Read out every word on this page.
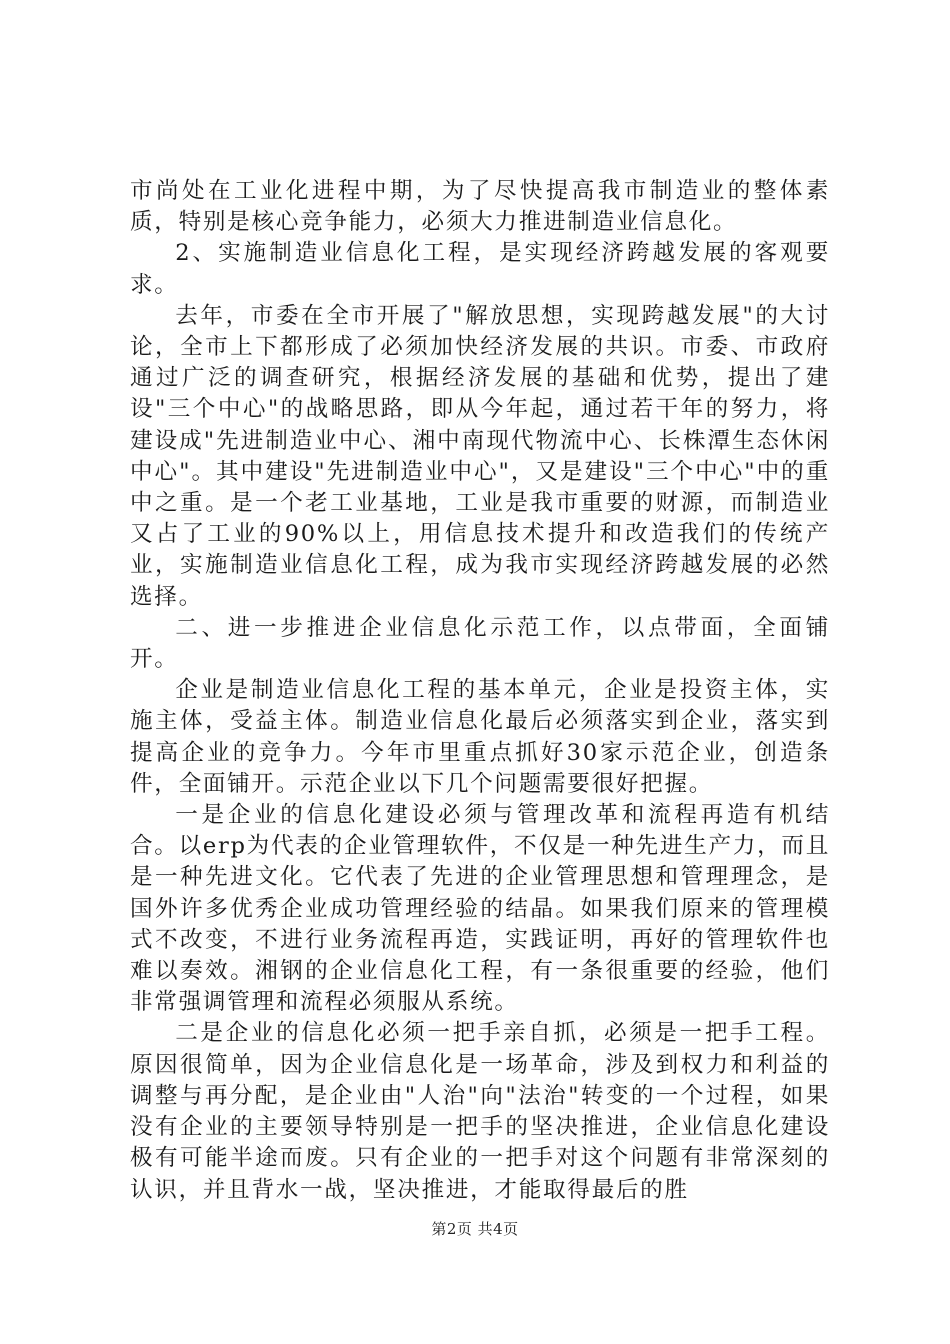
市尚处在工业化进程中期，为了尽快提高我市制造业的整体素质，特别是核心竞争能力，必须大力推进制造业信息化。

2、实施制造业信息化工程，是实现经济跨越发展的客观要求。

去年，市委在全市开展了"解放思想，实现跨越发展"的大讨论，全市上下都形成了必须加快经济发展的共识。市委、市政府通过广泛的调查研究，根据经济发展的基础和优势，提出了建设"三个中心"的战略思路，即从今年起，通过若干年的努力，将建设成"先进制造业中心、湘中南现代物流中心、长株潭生态休闲中心"。其中建设"先进制造业中心"，又是建设"三个中心"中的重中之重。是一个老工业基地，工业是我市重要的财源，而制造业又占了工业的90%以上，用信息技术提升和改造我们的传统产业，实施制造业信息化工程，成为我市实现经济跨越发展的必然选择。

二、进一步推进企业信息化示范工作，以点带面，全面铺开。

企业是制造业信息化工程的基本单元，企业是投资主体，实施主体，受益主体。制造业信息化最后必须落实到企业，落实到提高企业的竞争力。今年市里重点抓好30家示范企业，创造条件，全面铺开。示范企业以下几个问题需要很好把握。

一是企业的信息化建设必须与管理改革和流程再造有机结合。以erp为代表的企业管理软件，不仅是一种先进生产力，而且是一种先进文化。它代表了先进的企业管理思想和管理理念，是国外许多优秀企业成功管理经验的结晶。如果我们原来的管理模式不改变，不进行业务流程再造，实践证明，再好的管理软件也难以奏效。湘钢的企业信息化工程，有一条很重要的经验，他们非常强调管理和流程必须服从系统。

二是企业的信息化必须一把手亲自抓，必须是一把手工程。原因很简单，因为企业信息化是一场革命，涉及到权力和利益的调整与再分配，是企业由"人治"向"法治"转变的一个过程，如果没有企业的主要领导特别是一把手的坚决推进，企业信息化建设极有可能半途而废。只有企业的一把手对这个问题有非常深刻的认识，并且背水一战，坚决推进，才能取得最后的胜

第2页 共4页
